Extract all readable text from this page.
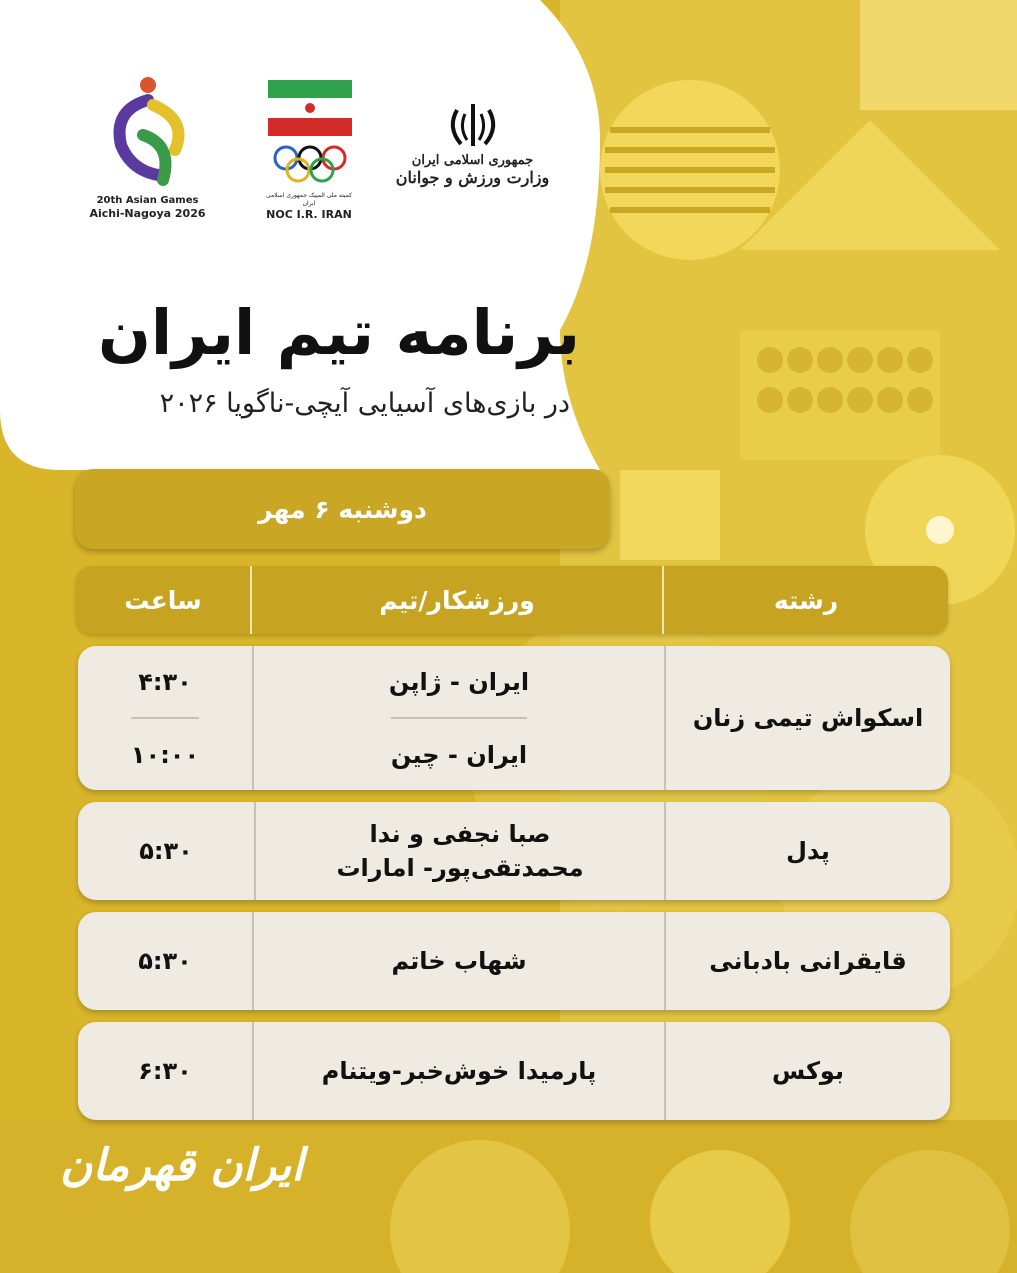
20th Asian Games
Aichi-Nagoya 2026
کمیته ملی المپیک جمهوری اسلامی ایران
NOC I.R. IRAN
جمهوری اسلامی ایران
وزارت ورزش و جوانان
برنامه تیم ایران
در بازی‌های آسیایی آیچی-ناگویا ۲۰۲۶
دوشنبه ۶ مهر
رشته
ورزشکار/تیم
ساعت
اسکواش تیمی زنان
ایران - ژاپن
ایران - چین
۴:۳۰
۱۰:۰۰
پدل
صبا نجفی و ندا محمدتقی‌پور- امارات
۵:۳۰
قایقرانی بادبانی
شهاب خاتم
۵:۳۰
بوکس
پارمیدا خوش‌خبر-ویتنام
۶:۳۰
ایران قهرمان
